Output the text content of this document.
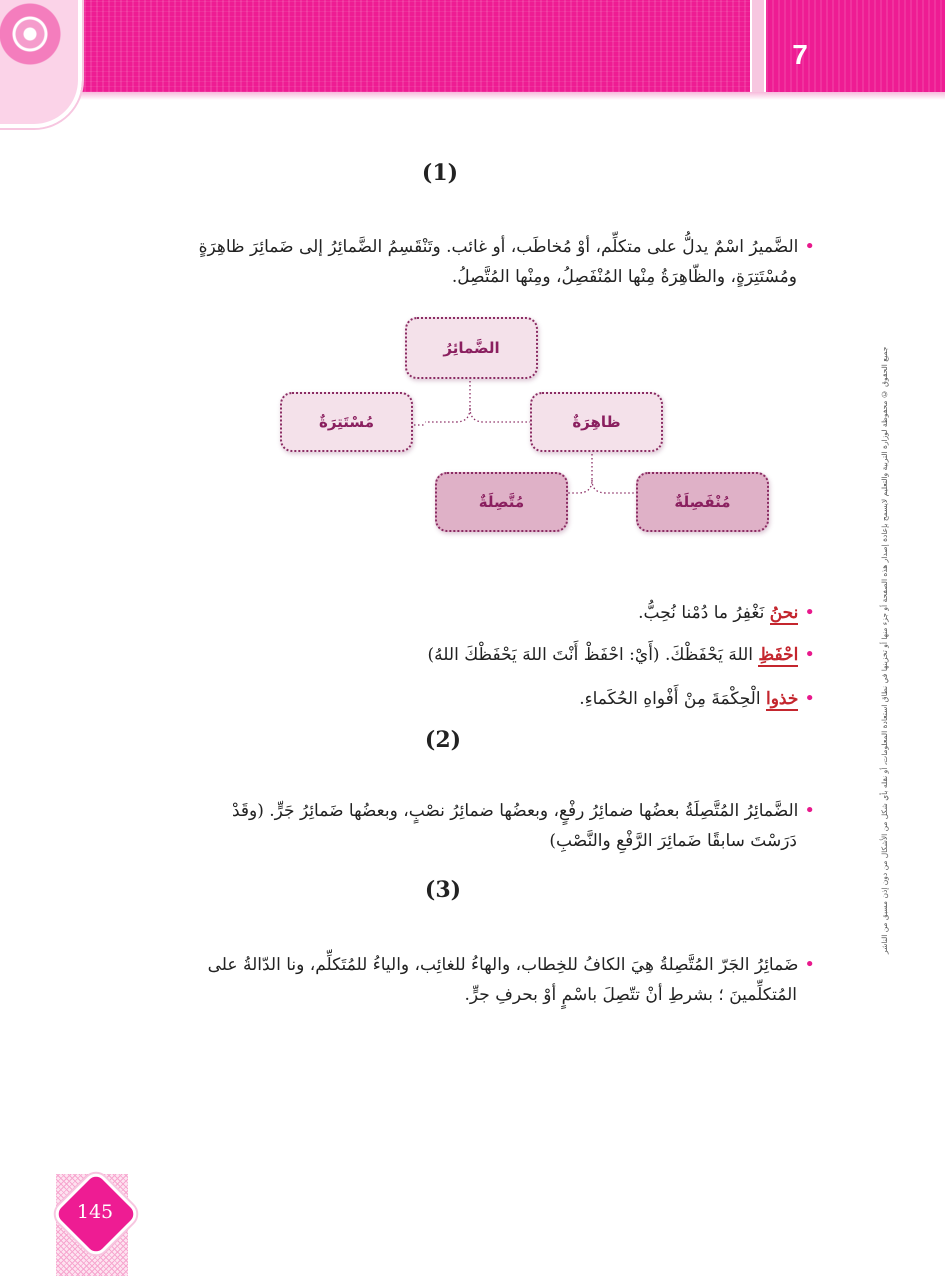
7
جميع الحقوق © محفوظة لوزارة التربية والتعليم لايسمح بإعادة إصدار هذه الصفحة أو جزء منها أو تخزينها في نطاق استعادة المعلومات، أو نقله بأي شكل من الأشكال من دون إذن مسبق من الناشر
(1)
•الضَّميرُ اسْمٌ يدلُّ على متكلِّم، أوْ مُخاطَب، أو غائب. وتَنْقَسِمُ الضَّمائِرُ إلى ضَمائِرَ ظاهِرَةٍ
ومُسْتَتِرَةٍ، والظّاهِرَةُ مِنْها المُنْفَصِلُ، ومِنْها المُتَّصِلُ.
الضَّمائِرُ
مُسْتَتِرَةٌ	ظاهِرَةٌ
مُتَّصِلَةٌ	مُنْفَصِلَةٌ
•نحنُ نَغْفِرُ ما دُمْنا نُحِبُّ.
•احْفَظِ اللهَ يَحْفَظْكَ. (أَيْ: احْفَظْ أَنْتَ اللهَ يَحْفَظْكَ اللهُ)
•خذوا الْحِكْمَةَ مِنْ أَفْواهِ الحُكَماءِ.
(2)
•الضَّمائِرُ المُتَّصِلَةُ بعضُها ضمائِرُ رفْعٍ، وبعضُها ضمائِرُ نصْبٍ، وبعضُها ضَمائِرُ جَرٍّ. (وقَدْ
دَرَسْتَ سابقًا ضَمائِرَ الرَّفْعِ والنَّصْبِ)
(3)
•ضَمائِرُ الجَرّ المُتَّصِلةُ هِيَ الكافُ للخِطاب، والهاءُ للغائِب، والياءُ للمُتَكلِّم، ونا الدّالةُ على
المُتكلِّمينَ ؛ بشرطِ أنْ تتّصِلَ باسْمٍ أوْ بحرفِ جرٍّ.
145
